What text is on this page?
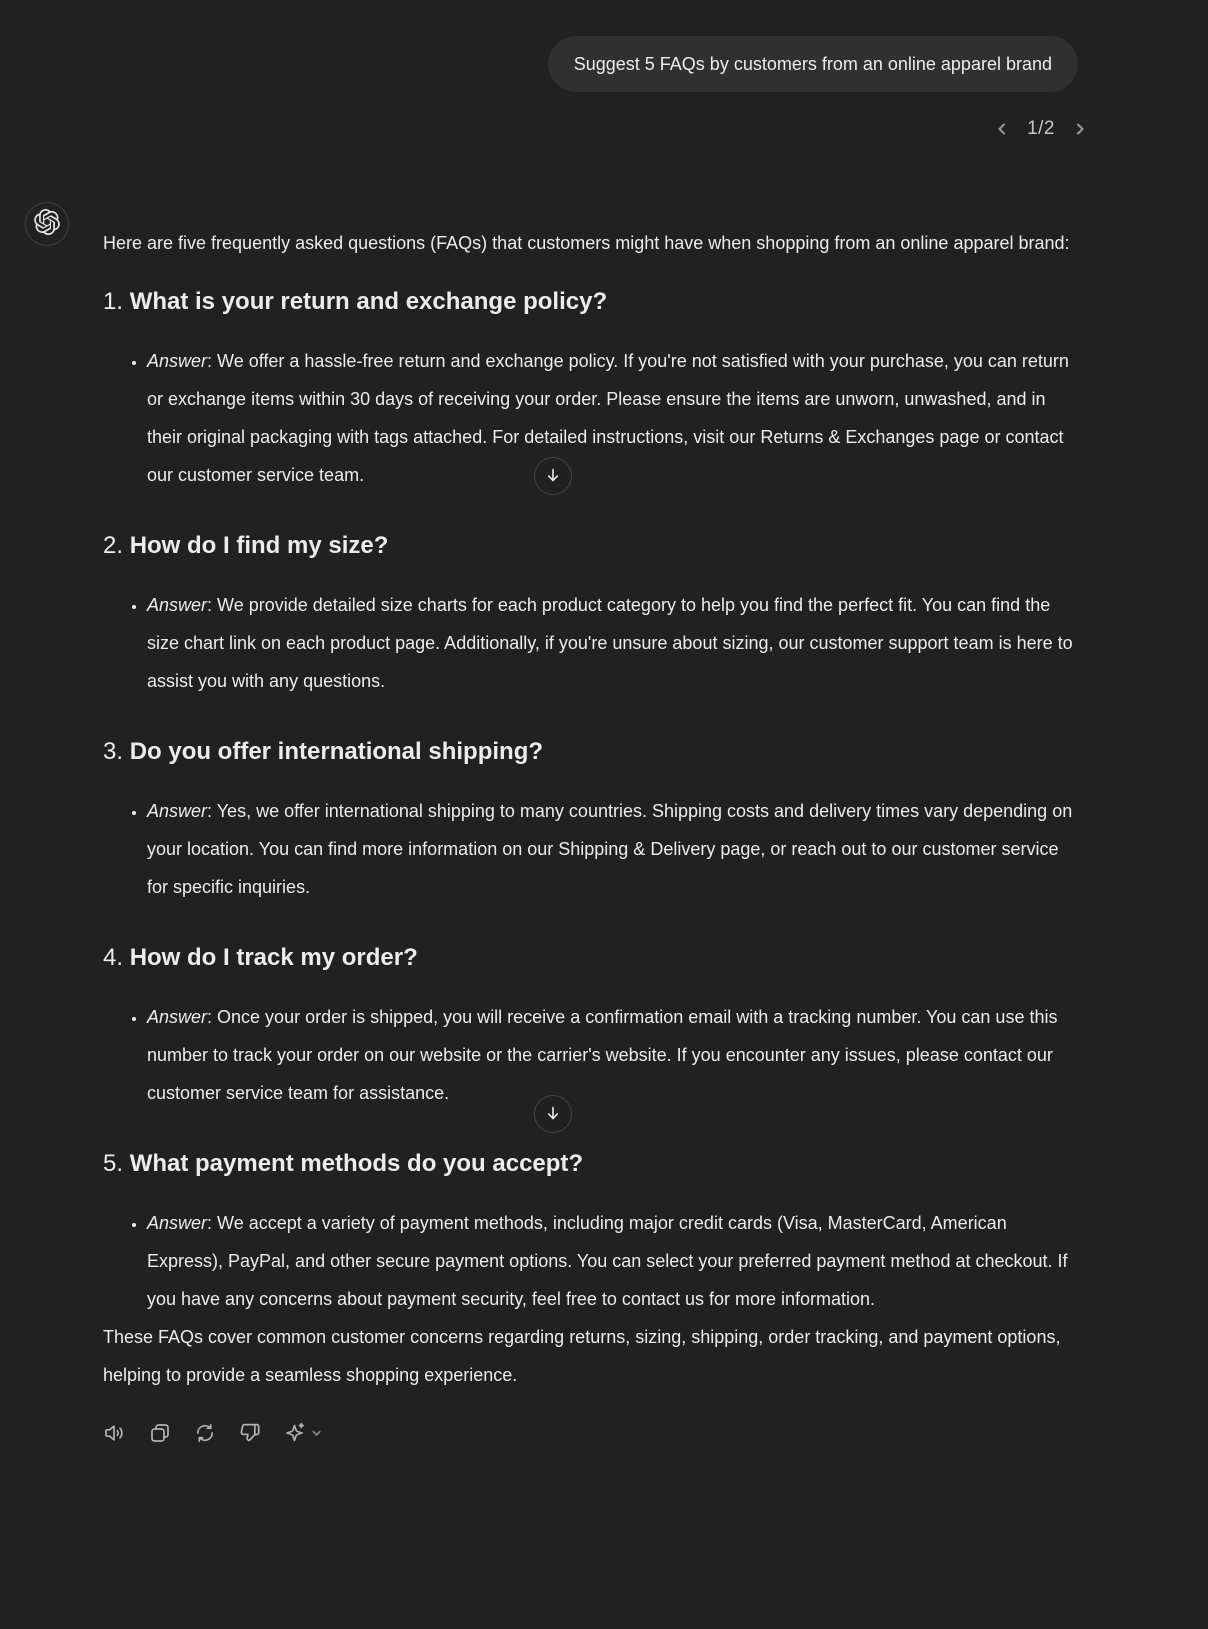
Suggest 5 FAQs by customers from an online apparel brand
1/2

Here are five frequently asked questions (FAQs) that customers might have when shopping from an online apparel brand:

1. What is your return and exchange policy?
• Answer: We offer a hassle-free return and exchange policy. If you're not satisfied with your purchase, you can return or exchange items within 30 days of receiving your order. Please ensure the items are unworn, unwashed, and in their original packaging with tags attached. For detailed instructions, visit our Returns & Exchanges page or contact our customer service team.
2. How do I find my size?
• Answer: We provide detailed size charts for each product category to help you find the perfect fit. You can find the size chart link on each product page. Additionally, if you're unsure about sizing, our customer support team is here to assist you with any questions.
3. Do you offer international shipping?
• Answer: Yes, we offer international shipping to many countries. Shipping costs and delivery times vary depending on your location. You can find more information on our Shipping & Delivery page, or reach out to our customer service for specific inquiries.
4. How do I track my order?
• Answer: Once your order is shipped, you will receive a confirmation email with a tracking number. You can use this number to track your order on our website or the carrier's website. If you encounter any issues, please contact our customer service team for assistance.
5. What payment methods do you accept?
• Answer: We accept a variety of payment methods, including major credit cards (Visa, MasterCard, American Express), PayPal, and other secure payment options. You can select your preferred payment method at checkout. If you have any concerns about payment security, feel free to contact us for more information.

These FAQs cover common customer concerns regarding returns, sizing, shipping, order tracking, and payment options, helping to provide a seamless shopping experience.
